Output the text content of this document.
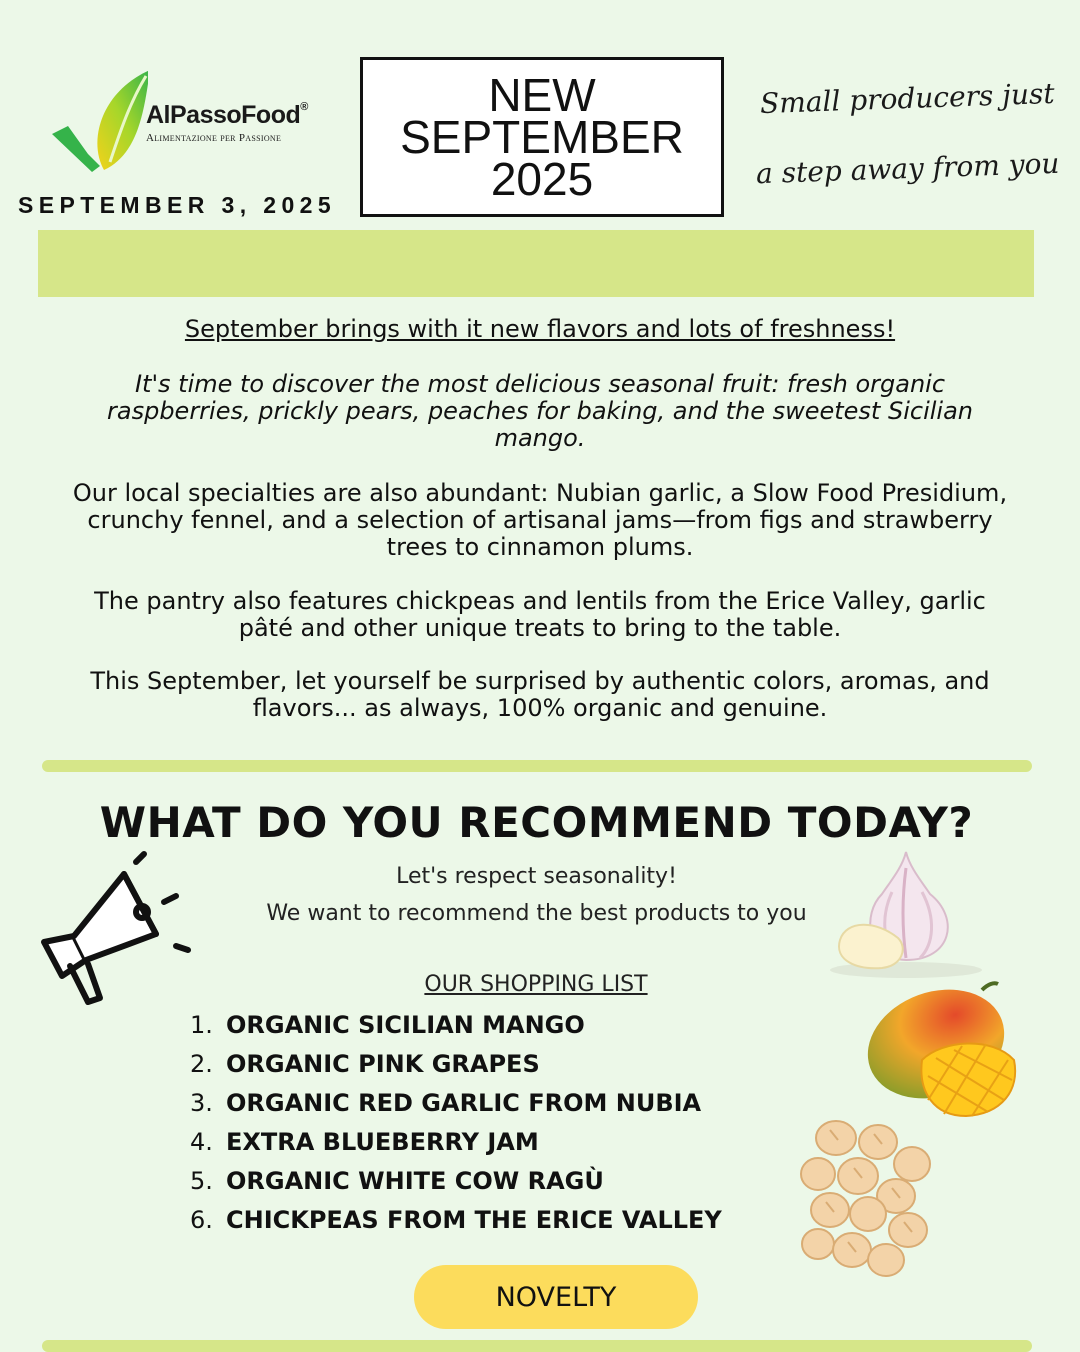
AlPassoFood®
Alimentazione per Passione
SEPTEMBER 3, 2025
NEW
SEPTEMBER
2025
Small producers just
a step away from you
September brings with it new flavors and lots of freshness!
It's time to discover the most delicious seasonal fruit: fresh organic raspberries, prickly pears, peaches for baking, and the sweetest Sicilian mango.
Our local specialties are also abundant: Nubian garlic, a Slow Food Presidium, crunchy fennel, and a selection of artisanal jams—from figs and strawberry trees to cinnamon plums.
The pantry also features chickpeas and lentils from the Erice Valley, garlic pâté and other unique treats to bring to the table.
This September, let yourself be surprised by authentic colors, aromas, and flavors... as always, 100% organic and genuine.
WHAT DO YOU RECOMMEND TODAY?
Let's respect seasonality!
We want to recommend the best products to you
OUR SHOPPING LIST
1. ORGANIC SICILIAN MANGO
2. ORGANIC PINK GRAPES
3. ORGANIC RED GARLIC FROM NUBIA
4. EXTRA BLUEBERRY JAM
5. ORGANIC WHITE COW RAGÙ
6. CHICKPEAS FROM THE ERICE VALLEY
NOVELTY
